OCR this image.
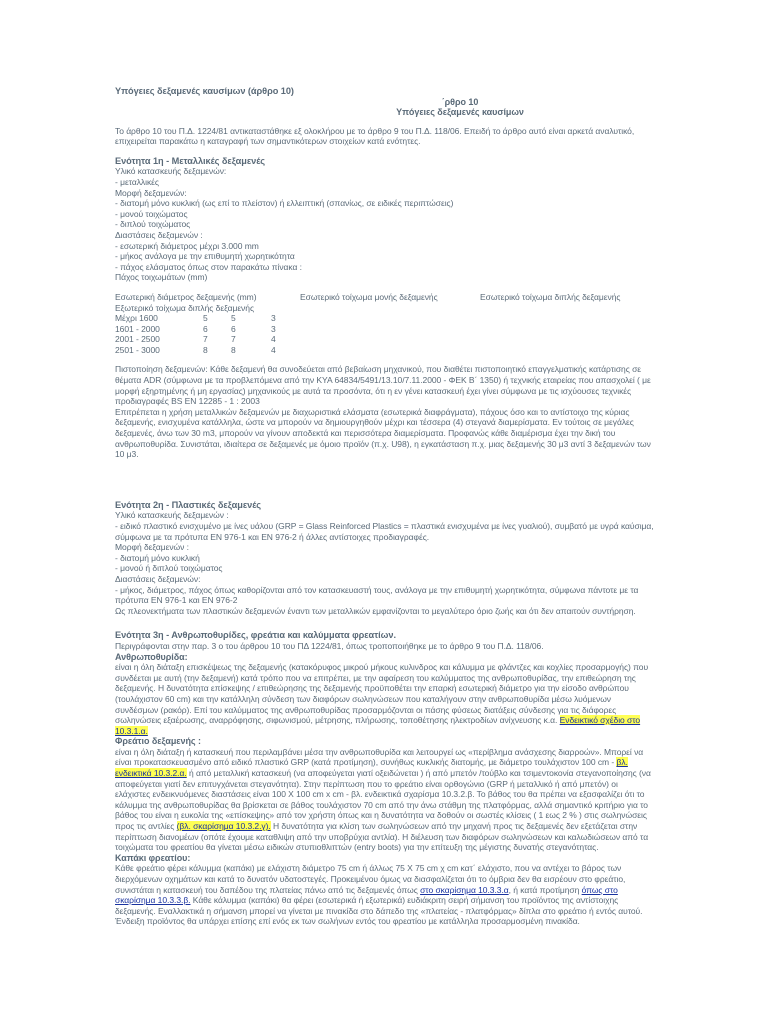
Υπόγειες δεξαμενές καυσίμων (άρθρο 10)

΄ρθρο 10
Υπόγειες δεξαμενές καυσίμων

Το άρθρο 10 του Π.Δ. 1224/81 αντικαταστάθηκε εξ ολοκλήρου με το άρθρο 9 του Π.Δ. 118/06. Επειδή το άρθρο αυτό είναι αρκετά αναλυτικό, επιχειρείται παρακάτω η καταγραφή των σημαντικότερων στοιχείων κατά ενότητες.

Ενότητα 1η - Μεταλλικές δεξαμενές

Υλικό κατασκευής δεξαμενών:
- μεταλλικές
Μορφή δεξαμενών:
- διατομή μόνο κυκλική (ως επί το πλείστον) ή ελλειπτική (σπανίως, σε ειδικές περιπτώσεις)
- μονού τοιχώματος
- διπλού τοιχώματος
Διαστάσεις δεξαμενών :
- εσωτερική διάμετρος μέχρι 3.000 mm
- μήκος ανάλογα με την επιθυμητή χωρητικότητα
- πάχος ελάσματος όπως στον παρακάτω πίνακα :
Πάχος τοιχωμάτων (mm)
Εσωτερική διάμετρος δεξαμενής (mm)	Εσωτερικό τοίχωμα μονής δεξαμενής	Εσωτερικό τοίχωμα διπλής δεξαμενής
Εξωτερικό τοίχωμα διπλής δεξαμενής
Μέχρι 1600	5	5	3
1601 - 2000	6	6	3
2001 - 2500	7	7	4
2501 - 3000	8	8	4

Πιστοποίηση δεξαμενών: Κάθε δεξαμενή θα συνοδεύεται από βεβαίωση μηχανικού, που διαθέτει πιστοποιητικό επαγγελματικής κατάρτισης σε θέματα ADR (σύμφωνα με τα προβλεπόμενα από την ΚΥΑ 64834/5491/13.10/7.11.2000 - ΦΕΚ Β΄ 1350) ή τεχνικής εταιρείας που απασχολεί ( με μορφή εξηρτημένης ή μη εργασίας) μηχανικούς με αυτά τα προσόντα, ότι η εν γένει κατασκευή έχει γίνει σύμφωνα με τις ισχύουσες τεχνικές προδιαγραφές BS EN 12285 - 1 : 2003

Επιτρέπεται η χρήση μεταλλικών δεξαμενών με διαχωριστικά ελάσματα (εσωτερικά διαφράγματα), πάχους όσο και το αντίστοιχο της κύριας δεξαμενής, ενισχυμένα κατάλληλα, ώστε να μπορούν να δημιουργηθούν μέχρι και τέσσερα (4) στεγανά διαμερίσματα. Εν τούτοις σε μεγάλες δεξαμενές, άνω των 30 m3, μπορούν να γίνουν αποδεκτά και περισσότερα διαμερίσματα. Προφανώς κάθε διαμέρισμα έχει την δική του ανθρωποθυρίδα. Συνιστάται, ιδιαίτερα σε δεξαμενές με όμοιο προϊόν (π.χ. U98), η εγκατάσταση π.χ. μιας δεξαμενής 30 μ3 αντί 3 δεξαμενών των 10 μ3.

Ενότητα 2η - Πλαστικές δεξαμενές

Υλικό κατασκευής δεξαμενών :
- ειδικό πλαστικό ενισχυμένο με ίνες υάλου (GRP = Glass Reinforced Plastics = πλαστικά ενισχυμένα με ίνες γυαλιού), συμβατό με υγρά καύσιμα, σύμφωνα με τα πρότυπα EN 976-1 και EN 976-2 ή άλλες αντίστοιχες προδιαγραφές.
Μορφή δεξαμενών :
- διατομή μόνο κυκλική
- μονού ή διπλού τοιχώματος
Διαστάσεις δεξαμενών:
- μήκος, διάμετρος, πάχος όπως καθορίζονται από τον κατασκευαστή τους, ανάλογα με την επιθυμητή χωρητικότητα, σύμφωνα πάντοτε με τα πρότυπα EN 976-1 και EN 976-2
Ως πλεονεκτήματα των πλαστικών δεξαμενών έναντι των μεταλλικών εμφανίζονται το μεγαλύτερο όριο ζωής και ότι δεν απαιτούν συντήρηση.

Ενότητα 3η - Ανθρωποθυρίδες, φρεάτια και καλύμματα φρεατίων.

Περιγράφονται στην παρ. 3 ο του άρθρου 10 του ΠΔ 1224/81, όπως τροποποιήθηκε με το άρθρο 9 του Π.Δ. 118/06.

Ανθρωποθυρίδα:

είναι η όλη διάταξη επισκέψεως της δεξαμενής (κατακόρυφος μικρού μήκους κυλινδρος και κάλυμμα με φλάντζες και κοχλίες προσαρμογής) που συνδέεται με αυτή (την δεξαμενή) κατά τρόπο που να επιτρέπει, με την αφαίρεση του καλύμματος της ανθρωποθυρίδας, την επιθεώρηση της δεξαμενής. Η δυνατότητα επίσκεψης / επιθεώρησης της δεξαμενής προϋποθέτει την επαρκή εσωτερική διάμετρο για την είσοδο ανθρώπου (τουλάχιστον 60 cm) και την κατάλληλη σύνδεση των διαφόρων σωληνώσεων που καταλήγουν στην ανθρωποθυρίδα μέσω λυόμενων συνδέσμων (ρακόρ). Επί του καλύμματος της ανθρωποθυρίδας προσαρμόζονται οι πάσης φύσεως διατάξεις σύνδεσης για τις διάφορες σωληνώσεις εξαέρωσης, αναρρόφησης, σιφωνισμού, μέτρησης, πλήρωσης, τοποθέτησης ηλεκτροδίων ανίχνευσης κ.α. Ενδεικτικό σχέδιο στο 10.3.1.α.

Φρεάτιο δεξαμενής :

είναι η όλη διάταξη ή κατασκευή που περιλαμβάνει μέσα την ανθρωποθυρίδα και λειτουργεί ως «περίβλημα ανάσχεσης διαρροών». Μπορεί να είναι προκατασκευασμένο από ειδικό πλαστικό GRP (κατά προτίμηση), συνήθως κυκλικής διατομής, με διάμετρο τουλάχιστον 100 cm - βλ. ενδεικτικά 10.3.2.α. ή από μεταλλική κατασκευή (να αποφεύγεται γιατί οξειδώνεται ) ή από μπετόν /τούβλο και τσιμεντοκονία στεγανοποίησης (να αποφεύγεται γιατί δεν επιτυγχάνεται στεγανότητα). Στην περίπτωση που το φρεάτιο είναι ορθογώνιο (GRP ή μεταλλικό ή από μπετόν) οι ελάχιστες ενδεικνυόμενες διαστάσεις είναι 100 X 100 cm x cm - βλ. ενδεικτικά σχαρίσμα 10.3.2.β. Το βάθος του θα πρέπει να εξασφαλίζει ότι το κάλυμμα της ανθρωποθυρίδας θα βρίσκεται σε βάθος τουλάχιστον 70 cm από την άνω στάθμη της πλατφόρμας, αλλά σημαντικό κριτήριο για το βάθος του είναι η ευκολία της «επίσκεψης» από τον χρήστη όπως και η δυνατότητα να δοθούν οι σωστές κλίσεις ( 1 εως 2 % ) στις σωληνώσεις προς τις αντλίες (βλ. σκαρίσημα 10.3.2.γ). Η δυνατότητα για κλίση των σωληνώσεων από την μηχανή προς τις δεξαμενές δεν εξετάζεται στην περίπτωση διανομέων (οπότε έχουμε καταθλιψη από την υποβρύχια αντλία). Η διέλευση των διαφόρων σωληνώσεων και καλωδιώσεων από τα τοιχώματα του φρεατίου θα γίνεται μέσω ειδικών στυπιοθλιπτών (entry boots) για την επίτευξη της μέγιστης δυνατής στεγανότητας.

Καπάκι φρεατίου:

Κάθε φρεάτιο φέρει κάλυμμα (καπάκι) με ελάχιστη διάμετρο 75 cm ή άλλως 75 X 75 cm χ cm κατ΄ ελάχιστο, που να αντέχει το βάρος των διερχόμενων οχημάτων και κατά το δυνατόν υδατοστεγές. Προκειμένου όμως να διασφαλίζεται ότι το όμβρια δεν θα εισρέουν στο φρεάτιο, συνιστάται η κατασκευή του δαπέδου της πλατείας πάνω από τις δεξαμενές όπως στο σκαρίσημα 10.3.3.α, ή κατά προτίμηση όπως στο σκαρίσημα 10.3.3.β. Κάθε κάλυμμα (καπάκι) θα φέρει (εσωτερικά ή εξωτερικά) ευδιάκριτη σειρή σήμανση του προϊόντος της αντίστοιχης δεξαμενής. Εναλλακτικά η σήμανση μπορεί να γίνεται με πινακίδα στο δάπεδο της «πλατείας - πλατφόρμας» δίπλα στο φρεάτιο ή εντός αυτού. Ένδειξη προϊόντος θα υπάρχει επίσης επί ενός εκ των σωλήνων εντός του φρεατίου με κατάλληλα προσαρμοσμένη πινακίδα.
